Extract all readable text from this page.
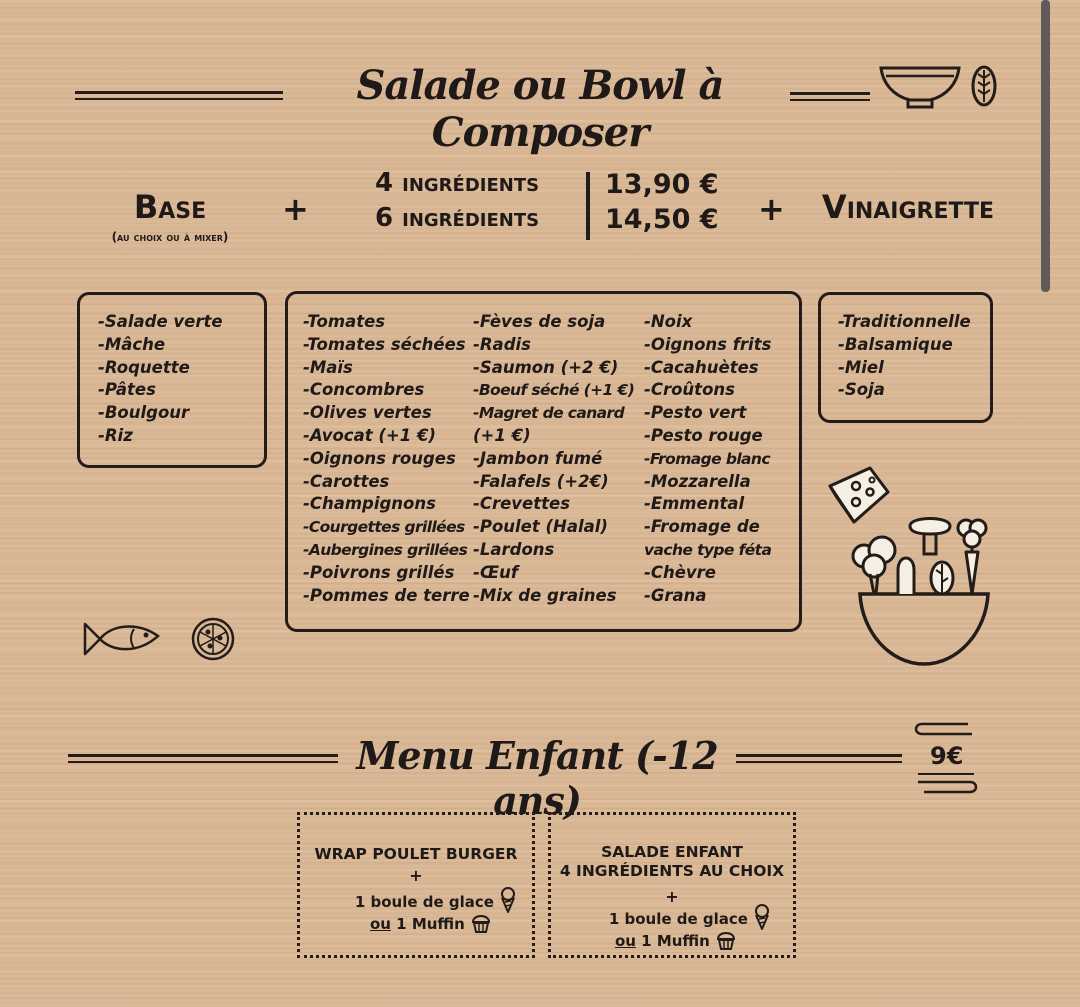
Salade ou Bowl à Composer
Base
(au choix ou à mixer)
+
4 ingrédients
6 ingrédients
13,90 €
14,50 € + Vinaigrette
-Salade verte
-Mâche
-Roquette
-Pâtes
-Boulgour
-Riz
-Tomates
-Tomates séchées
-Maïs
-Concombres
-Olives vertes
-Avocat (+1 €)
-Oignons rouges
-Carottes
-Champignons
-Courgettes grillées
-Aubergines grillées
-Poivrons grillés
-Pommes de terre
-Fèves de soja
-Radis
-Saumon (+2 €)
-Boeuf séché (+1 €)
-Magret de canard
(+1 €)
-Jambon fumé
-Falafels (+2€)
-Crevettes
-Poulet (Halal)
-Lardons
-Œuf
-Mix de graines
-Noix
-Oignons frits
-Cacahuètes
-Croûtons
-Pesto vert
-Pesto rouge
-Fromage blanc
-Mozzarella
-Emmental
-Fromage de
vache type féta
-Chèvre
-Grana
-Traditionnelle
-Balsamique
-Miel
-Soja
Menu Enfant (-12 ans)
9€
WRAP POULET BURGER
+
1 boule de glace
ou 1 Muffin
SALADE ENFANT
4 INGRÉDIENTS AU CHOIX
+
1 boule de glace
ou 1 Muffin
